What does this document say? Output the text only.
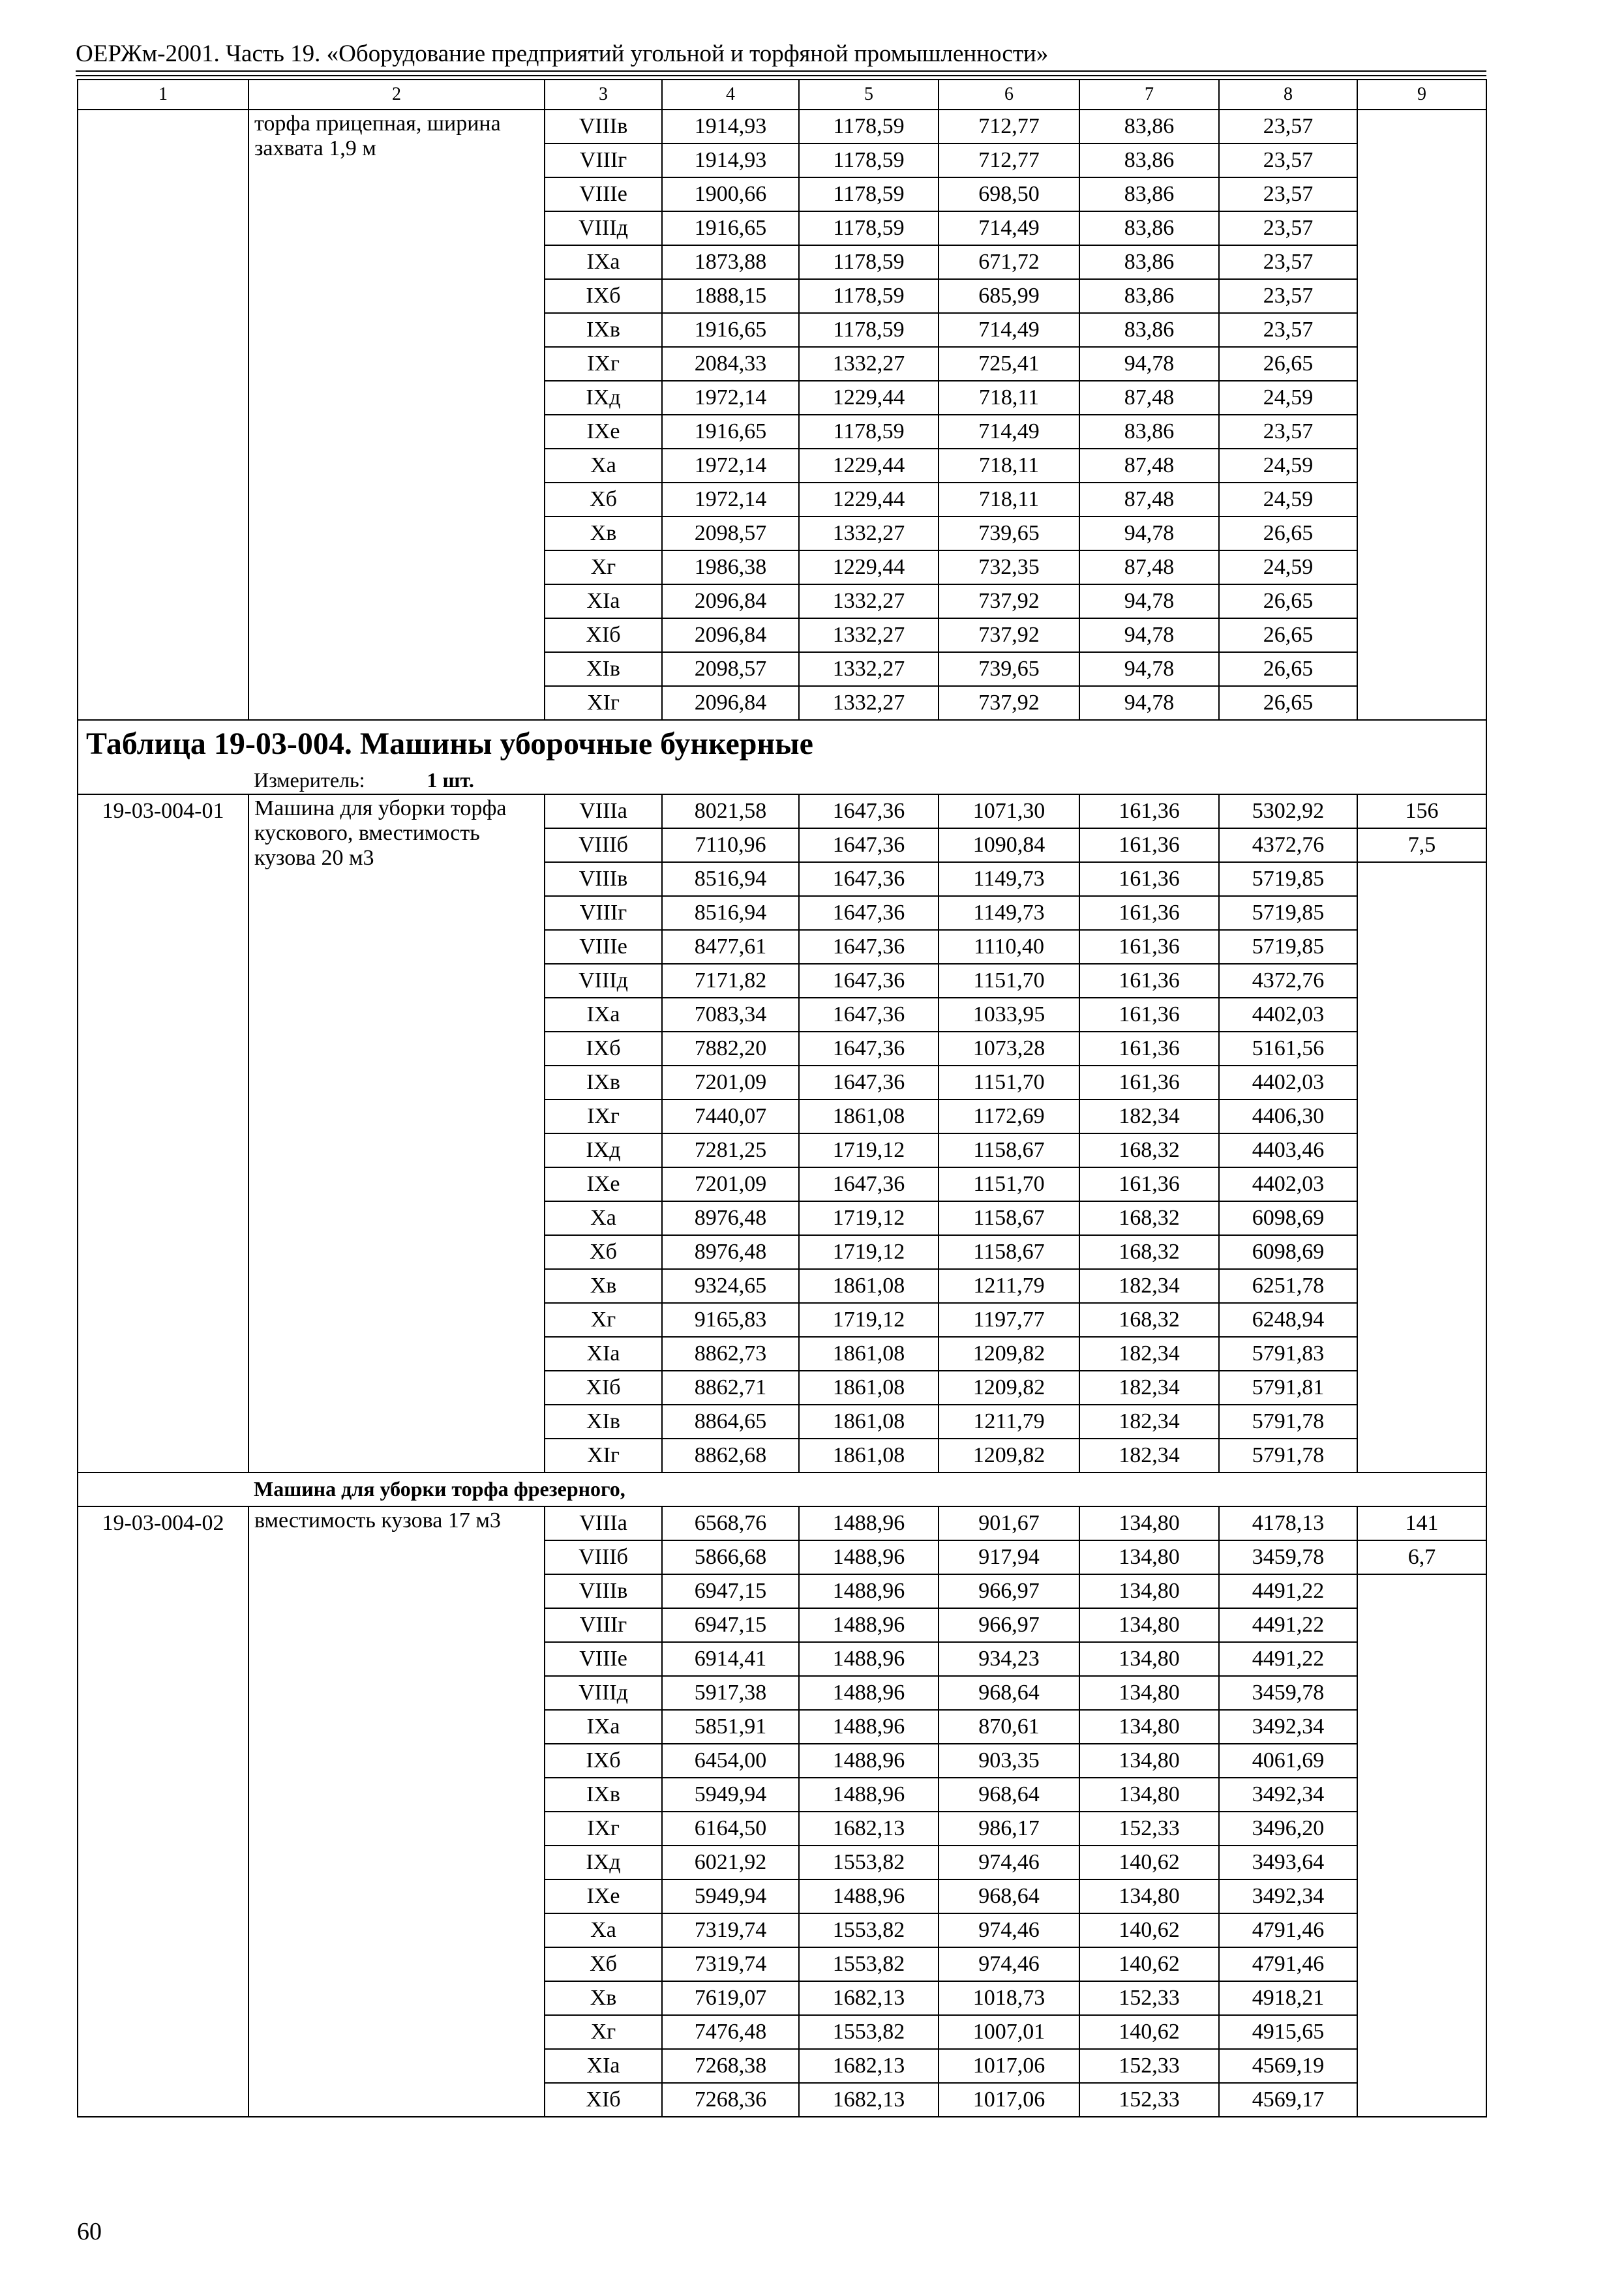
ОЕРЖм-2001. Часть 19. «Оборудование предприятий угольной и торфяной промышленности»
1	2	3	4	5	6	7	8	9
	торфа прицепная, ширина захвата 1,9 м	VIIIв	1914,93	1178,59	712,77	83,86	23,57	
		VIIIг	1914,93	1178,59	712,77	83,86	23,57	
		VIIIе	1900,66	1178,59	698,50	83,86	23,57	
		VIIIд	1916,65	1178,59	714,49	83,86	23,57	
		IXа	1873,88	1178,59	671,72	83,86	23,57	
		IXб	1888,15	1178,59	685,99	83,86	23,57	
		IXв	1916,65	1178,59	714,49	83,86	23,57	
		IXг	2084,33	1332,27	725,41	94,78	26,65	
		IXд	1972,14	1229,44	718,11	87,48	24,59	
		IXе	1916,65	1178,59	714,49	83,86	23,57	
		Xа	1972,14	1229,44	718,11	87,48	24,59	
		Xб	1972,14	1229,44	718,11	87,48	24,59	
		Xв	2098,57	1332,27	739,65	94,78	26,65	
		Xг	1986,38	1229,44	732,35	87,48	24,59	
		XIа	2096,84	1332,27	737,92	94,78	26,65	
		XIб	2096,84	1332,27	737,92	94,78	26,65	
		XIв	2098,57	1332,27	739,65	94,78	26,65	
		XIг	2096,84	1332,27	737,92	94,78	26,65	
Таблица 19-03-004. Машины уборочные бункерные								
	Измеритель: 1 шт.							
19-03-004-01	Машина для уборки торфа кускового, вместимость кузова 20 м3	VIIIа	8021,58	1647,36	1071,30	161,36	5302,92	156
		VIIIб	7110,96	1647,36	1090,84	161,36	4372,76	7,5
		VIIIв	8516,94	1647,36	1149,73	161,36	5719,85	
		VIIIг	8516,94	1647,36	1149,73	161,36	5719,85	
		VIIIе	8477,61	1647,36	1110,40	161,36	5719,85	
		VIIIд	7171,82	1647,36	1151,70	161,36	4372,76	
		IXа	7083,34	1647,36	1033,95	161,36	4402,03	
		IXб	7882,20	1647,36	1073,28	161,36	5161,56	
		IXв	7201,09	1647,36	1151,70	161,36	4402,03	
		IXг	7440,07	1861,08	1172,69	182,34	4406,30	
		IXд	7281,25	1719,12	1158,67	168,32	4403,46	
		IXе	7201,09	1647,36	1151,70	161,36	4402,03	
		Xа	8976,48	1719,12	1158,67	168,32	6098,69	
		Xб	8976,48	1719,12	1158,67	168,32	6098,69	
		Xв	9324,65	1861,08	1211,79	182,34	6251,78	
		Xг	9165,83	1719,12	1197,77	168,32	6248,94	
		XIа	8862,73	1861,08	1209,82	182,34	5791,83	
		XIб	8862,71	1861,08	1209,82	182,34	5791,81	
		XIв	8864,65	1861,08	1211,79	182,34	5791,78	
		XIг	8862,68	1861,08	1209,82	182,34	5791,78	
	Машина для уборки торфа фрезерного,							
19-03-004-02	вместимость кузова 17 м3	VIIIа	6568,76	1488,96	901,67	134,80	4178,13	141
		VIIIб	5866,68	1488,96	917,94	134,80	3459,78	6,7
		VIIIв	6947,15	1488,96	966,97	134,80	4491,22	
		VIIIг	6947,15	1488,96	966,97	134,80	4491,22	
		VIIIе	6914,41	1488,96	934,23	134,80	4491,22	
		VIIIд	5917,38	1488,96	968,64	134,80	3459,78	
		IXа	5851,91	1488,96	870,61	134,80	3492,34	
		IXб	6454,00	1488,96	903,35	134,80	4061,69	
		IXв	5949,94	1488,96	968,64	134,80	3492,34	
		IXг	6164,50	1682,13	986,17	152,33	3496,20	
		IXд	6021,92	1553,82	974,46	140,62	3493,64	
		IXе	5949,94	1488,96	968,64	134,80	3492,34	
		Xа	7319,74	1553,82	974,46	140,62	4791,46	
		Xб	7319,74	1553,82	974,46	140,62	4791,46	
		Xв	7619,07	1682,13	1018,73	152,33	4918,21	
		Xг	7476,48	1553,82	1007,01	140,62	4915,65	
		XIа	7268,38	1682,13	1017,06	152,33	4569,19	
		XIб	7268,36	1682,13	1017,06	152,33	4569,17	
60
